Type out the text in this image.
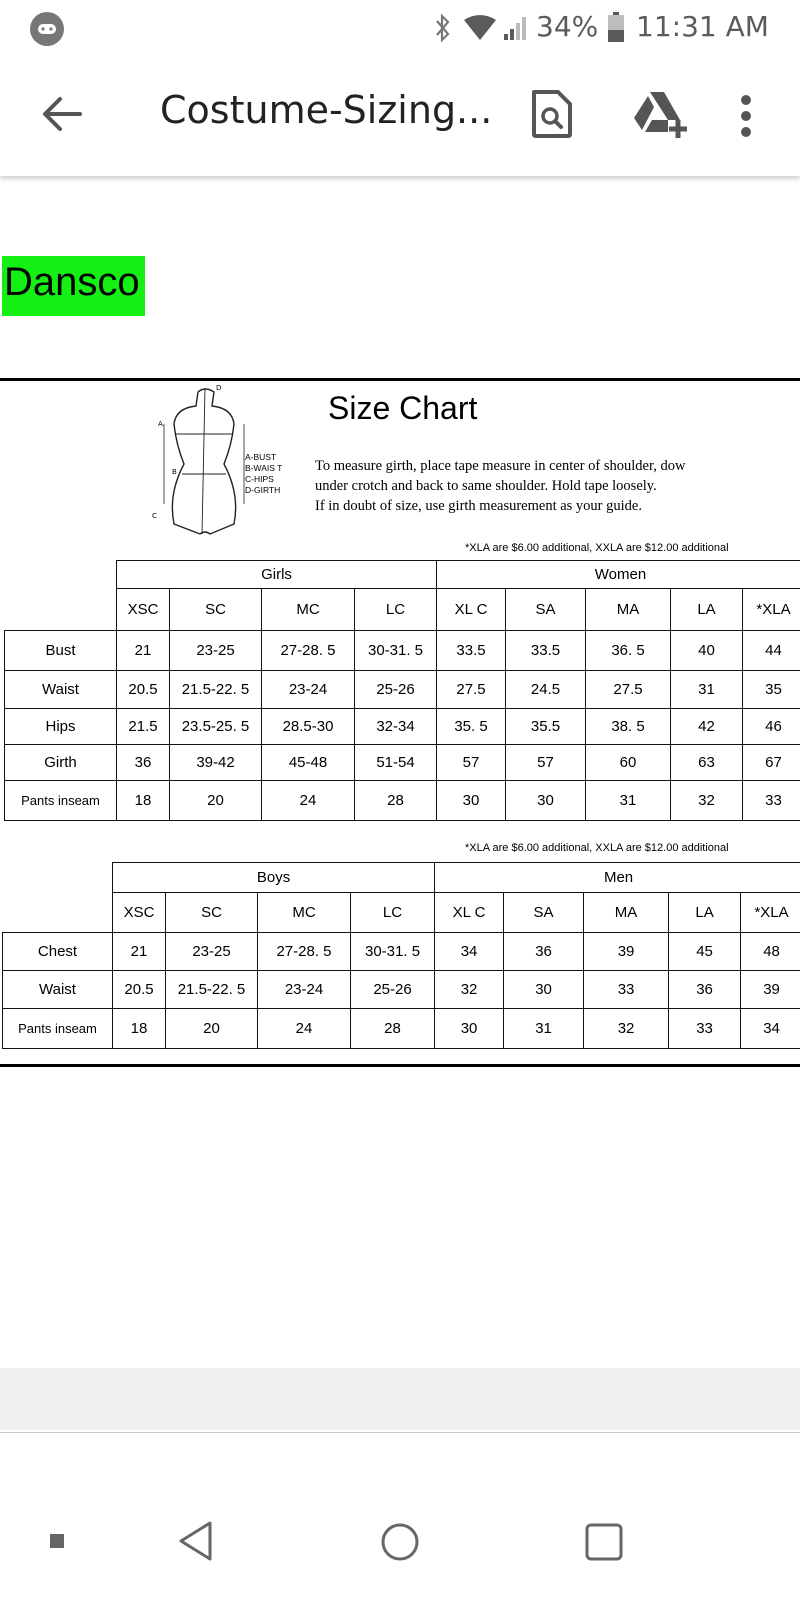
34% 11:31 AM
Costume-Sizing...
Dansco
A
B
C
D
A-BUST
B-WAIS T
C-HIPS
D-GIRTH
Size Chart
To measure girth, place tape measure in center of shoulder, dow
under crotch and back to same shoulder. Hold tape loosely.
If in doubt of size, use girth measurement as your guide.
*XLA are $6.00 additional, XXLA are $12.00 additional
	Girls				Women				
	XSC	SC	MC	LC	XL C	SA	MA	LA	*XLA
Bust	21	23-25	27-28. 5	30-31. 5	33.5	33.5	36. 5	40	44
Waist	20.5	21.5-22. 5	23-24	25-26	27.5	24.5	27.5	31	35
Hips	21.5	23.5-25. 5	28.5-30	32-34	35. 5	35.5	38. 5	42	46
Girth	36	39-42	45-48	51-54	57	57	60	63	67
Pants inseam	18	20	24	28	30	30	31	32	33
*XLA are $6.00 additional, XXLA are $12.00 additional
	Boys				Men				
	XSC	SC	MC	LC	XL C	SA	MA	LA	*XLA
Chest	21	23-25	27-28. 5	30-31. 5	34	36	39	45	48
Waist	20.5	21.5-22. 5	23-24	25-26	32	30	33	36	39
Pants inseam	18	20	24	28	30	31	32	33	34
